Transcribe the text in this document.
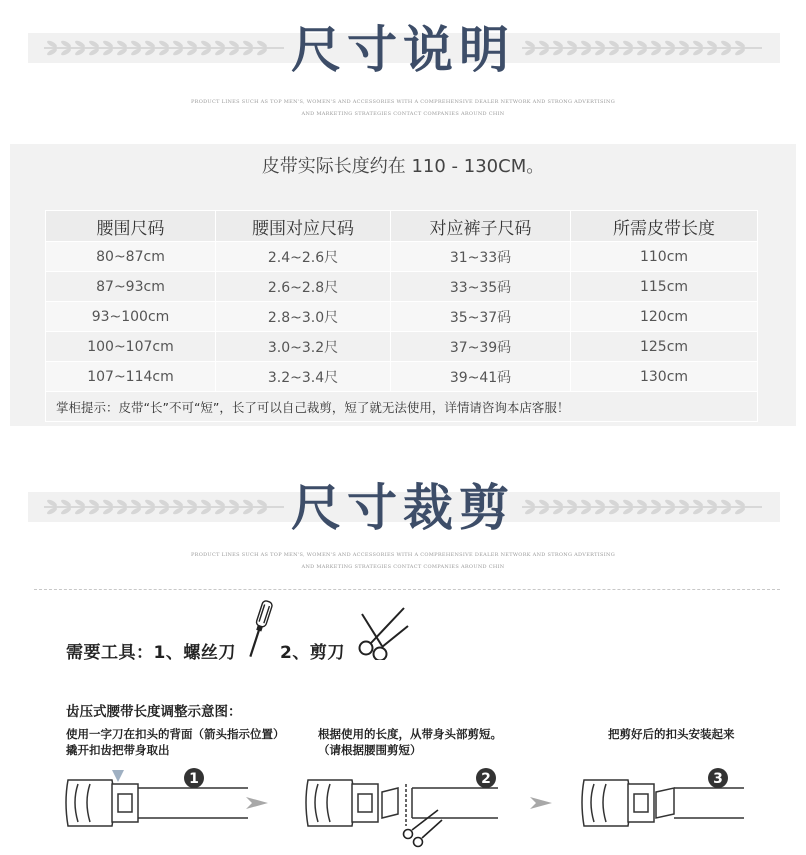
尺寸说明
PRODUCT LINES SUCH AS TOP MEN'S, WOMEN'S AND ACCESSORIES WITH A COMPREHENSIVE DEALER NETWORK AND STRONG ADVERTISING
AND MARKETING STRATEGIES CONTACT COMPANIES AROUND CHIN
皮带实际长度约在 110 - 130CM。
腰围尺码	腰围对应尺码	对应裤子尺码	所需皮带长度
80~87cm	2.4~2.6尺	31~33码	110cm
87~93cm	2.6~2.8尺	33~35码	115cm
93~100cm	2.8~3.0尺	35~37码	120cm
100~107cm	3.0~3.2尺	37~39码	125cm
107~114cm	3.2~3.4尺	39~41码	130cm
掌柜提示：皮带“长”不可“短”，长了可以自己裁剪，短了就无法使用，详情请咨询本店客服！			
尺寸裁剪
PRODUCT LINES SUCH AS TOP MEN'S, WOMEN'S AND ACCESSORIES WITH A COMPREHENSIVE DEALER NETWORK AND STRONG ADVERTISING
AND MARKETING STRATEGIES CONTACT COMPANIES AROUND CHIN
需要工具：1、螺丝刀	2、剪刀
齿压式腰带长度调整示意图：
使用一字刀在扣头的背面（箭头指示位置）
撬开扣齿把带身取出
根据使用的长度，从带身头部剪短。
（请根据腰围剪短）
把剪好后的扣头安装起来
1	2	3
